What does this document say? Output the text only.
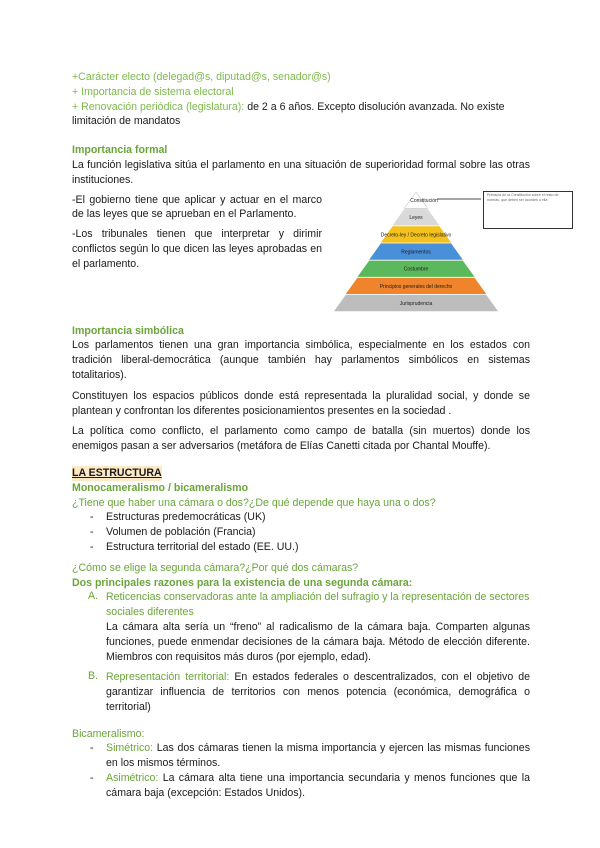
+Carácter electo (delegad@s, diputad@s, senador@s)

+ Importancia de sistema electoral

+ Renovación periódica (legislatura): de 2 a 6 años. Excepto disolución avanzada. No existe limitación de mandatos

Importancia formal

La función legislativa sitúa el parlamento en una situación de superioridad formal sobre las otras instituciones.

-El gobierno tiene que aplicar y actuar en el marco de las leyes que se aprueban en el Parlamento.

-Los tribunales tienen que interpretar y dirimir conflictos según lo que dicen las leyes aprobadas en el parlamento.

Importancia simbólica

Los parlamentos tienen una gran importancia simbólica, especialmente en los estados con tradición liberal-democrática (aunque también hay parlamentos simbólicos en sistemas totalitarios).

Constituyen los espacios públicos donde está representada la pluralidad social, y donde se plantean y confrontan los diferentes posicionamientos presentes en la sociedad .

La política como conflicto, el parlamento como campo de batalla (sin muertos) donde los enemigos pasan a ser adversarios (metáfora de Elías Canetti citada por Chantal Mouffe).

LA ESTRUCTURA
Monocameralismo / bicameralismo

¿Tiene que haber una cámara o dos?¿De qué depende que haya una o dos?

- Estructuras predemocráticas (UK)
- Volumen de población (Francia)
- Estructura territorial del estado (EE. UU.)

¿Cómo se elige la segunda cámara?¿Por qué dos cámaras?

Dos principales razones para la existencia de una segunda cámara:

A. Reticencias conservadoras ante la ampliación del sufragio y la representación de sectores sociales diferentes

La cámara alta sería un “freno” al radicalismo de la cámara baja. Comparten algunas funciones, puede enmendar decisiones de la cámara baja. Método de elección diferente. Miembros con requisitos más duros (por ejemplo, edad).

B. Representación territorial: En estados federales o descentralizados, con el objetivo de garantizar influencia de territorios con menos potencia (económica, demográfica o territorial)

Bicameralismo:
- Simétrico: Las dos cámaras tienen la misma importancia y ejercen las mismas funciones en los mismos términos.
- Asimétrico: La cámara alta tiene una importancia secundaria y menos funciones que la cámara baja (excepción: Estados Unidos).
Constitución
Leyes
Decreto-ley / Decreto legislativo
Reglamentos
Costumbre
Principios generales del derecho
Jurisprudencia
Primacía de la Constitución sobre el resto de normas, que deben ser acordes a ella
